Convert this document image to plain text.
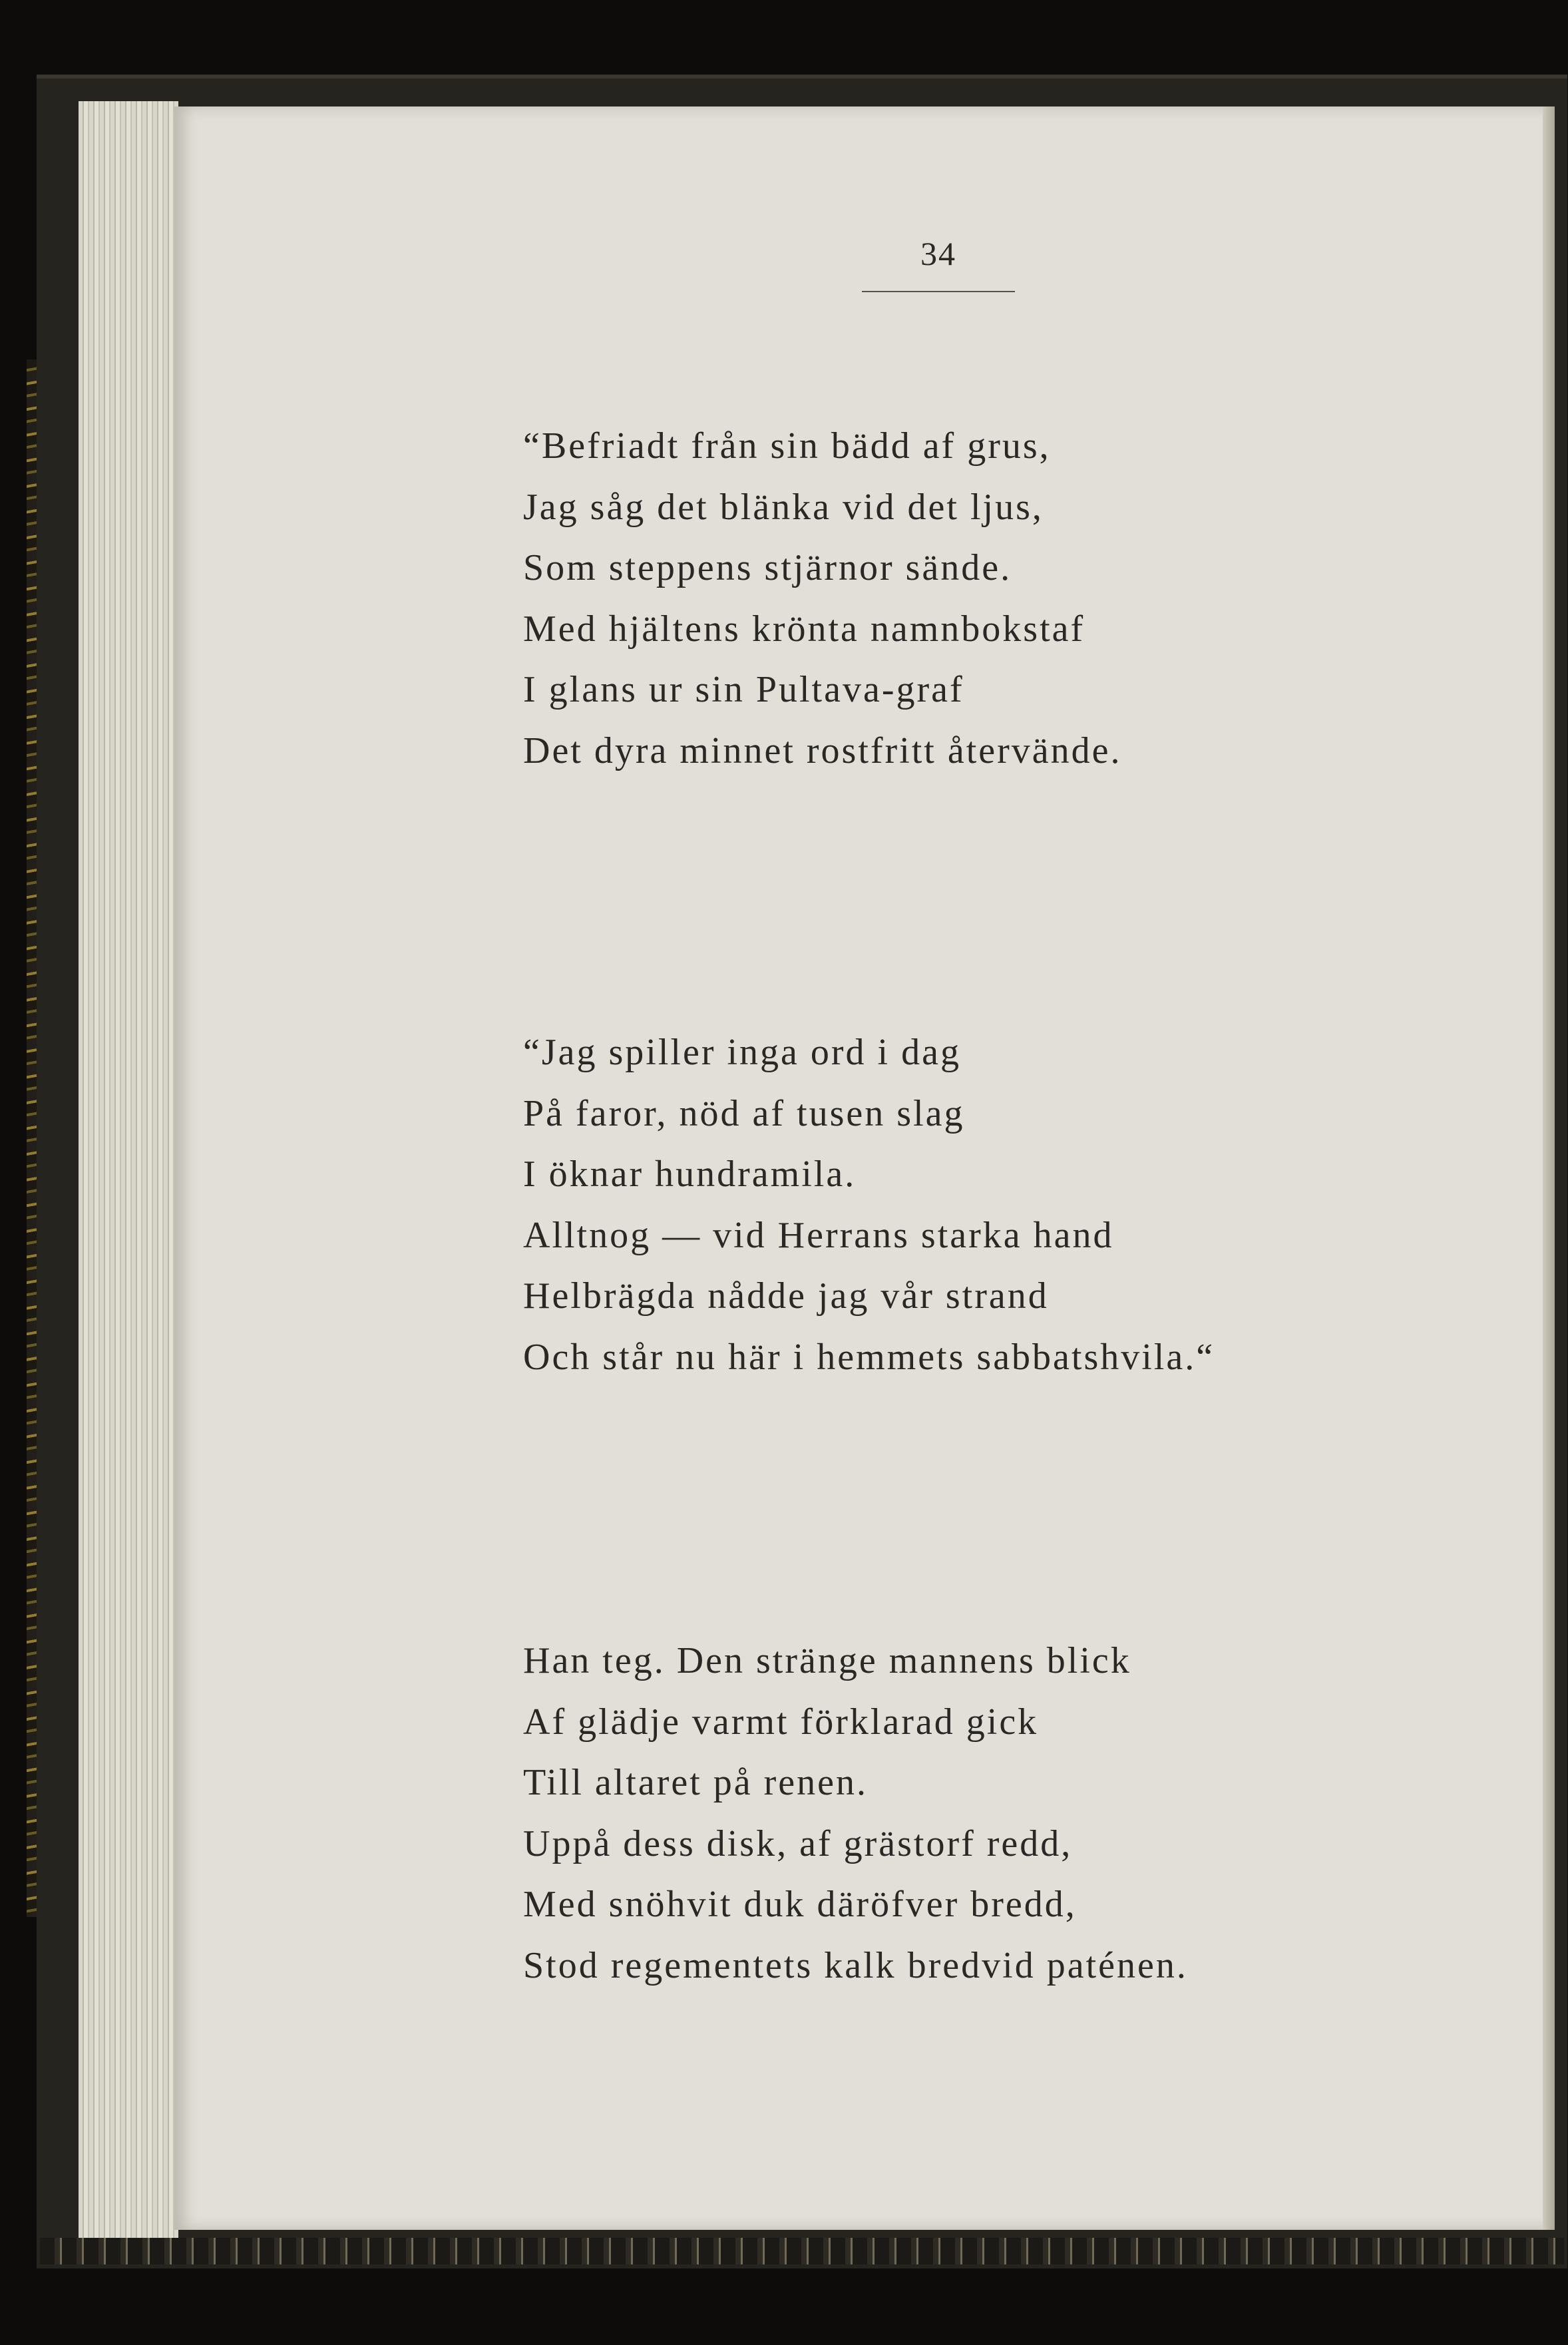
34
“Befriadt från sin bädd af grus,
Jag såg det blänka vid det ljus,
Som steppens stjärnor sände.
Med hjältens krönta namnbokstaf
I glans ur sin Pultava-graf
Det dyra minnet rostfritt återvände.
“Jag spiller inga ord i dag
På faror, nöd af tusen slag
I öknar hundramila.
Alltnog — vid Herrans starka hand
Helbrägda nådde jag vår strand
Och står nu här i hemmets sabbatshvila.“
Han teg. Den stränge mannens blick
Af glädje varmt förklarad gick
Till altaret på renen.
Uppå dess disk, af grästorf redd,
Med snöhvit duk däröfver bredd,
Stod regementets kalk bredvid paténen.
